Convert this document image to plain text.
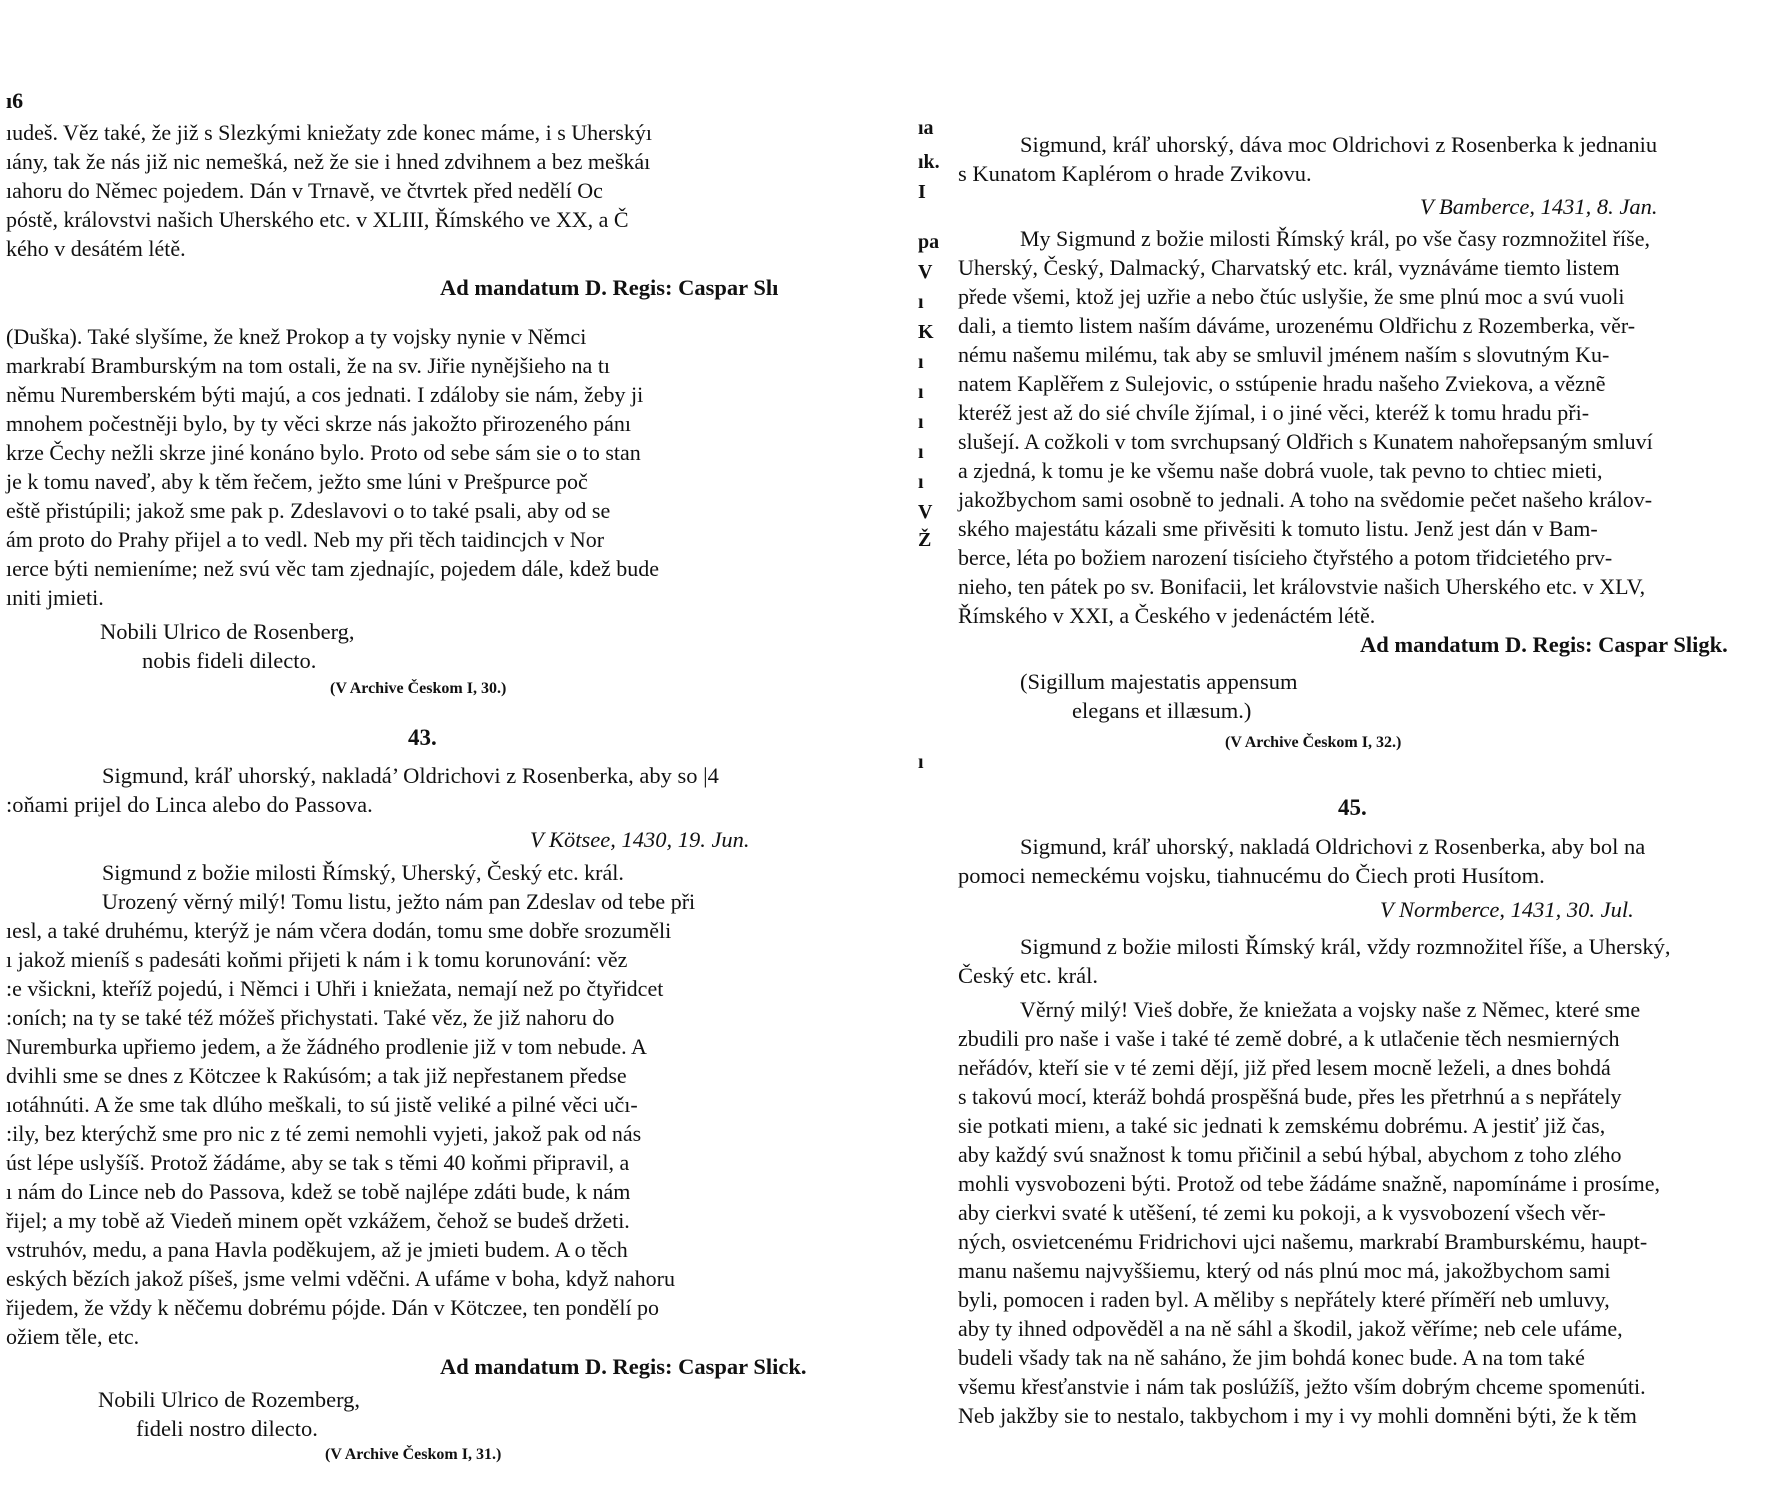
ı6
ıudeš. Věz také, že již s Slezkými kniežaty zde konec máme, i s Uherskýı
ıány, tak že nás již nic nemešká, než že sie i hned zdvihnem a bez meškáı
ıahoru do Němec pojedem. Dán v Trnavě, ve čtvrtek před nedělí Oc
póstě, královstvi našich Uherského etc. v XLIII, Římského ve XX, a Č
kého v desátém létě.
Ad mandatum D. Regis: Caspar Slı
(Duška). Také slyšíme, že knež Prokop a ty vojsky nynie v Němci
markrabí Bramburským na tom ostali, že na sv. Jiřie nynějšieho na tı
němu Nuremberském býti majú, a cos jednati. I zdáloby sie nám, žeby ji
mnohem počestněji bylo, by ty věci skrze nás jakožto přirozeného pánı
krze Čechy nežli skrze jiné konáno bylo. Proto od sebe sám sie o to stan
je k tomu naveď, aby k těm řečem, ježto sme lúni v Prešpurce poč
eště přistúpili; jakož sme pak p. Zdeslavovi o to také psali, aby od se
ám proto do Prahy přijel a to vedl. Neb my při těch taidincjch v Nor
ıerce býti nemieníme; než svú věc tam zjednajíc, pojedem dále, kdež bude
ıniti jmieti.
Nobili Ulrico de Rosenberg,
nobis fideli dilecto.
(V Archive Českom I, 30.)
43.
Sigmund, kráľ uhorský, nakladá’ Oldrichovi z Rosenberka, aby so |4
:oňami prijel do Linca alebo do Passova.
V Kötsee, 1430, 19. Jun.
Sigmund z božie milosti Římský, Uherský, Český etc. král.
Urozený věrný milý! Tomu listu, ježto nám pan Zdeslav od tebe při
ıesl, a také druhému, kterýž je nám včera dodán, tomu sme dobře srozuměli
ı jakož mieníš s padesáti koňmi přijeti k nám i k tomu korunování: věz
:e všickni, kteříž pojedú, i Němci i Uhři i kniežata, nemají než po čtyřidcet
:oních; na ty se také též móžeš přichystati. Také věz, že již nahoru do
Nuremburka upřiemo jedem, a že žádného prodlenie již v tom nebude. A
dvihli sme se dnes z Kötczee k Rakúsóm; a tak již nepřestanem předse
ıotáhnúti. A že sme tak dlúho meškali, to sú jistě veliké a pilné věci učı-
:ily, bez kterýchž sme pro nic z té zemi nemohli vyjeti, jakož pak od nás
úst lépe uslyšíš. Protož žádáme, aby se tak s těmi 40 koňmi připravil, a
ı nám do Lince neb do Passova, kdež se tobě najlépe zdáti bude, k nám
řijel; a my tobě až Viedeň minem opět vzkážem, čehož se budeš držeti.
vstruhóv, medu, a pana Havla poděkujem, až je jmieti budem. A o těch
eských bězích jakož píšeš, jsme velmi vděčni. A ufáme v boha, když nahoru
řijedem, že vždy k něčemu dobrému pójde. Dán v Kötczee, ten pondělí po
ožiem těle, etc.
Ad mandatum D. Regis: Caspar Slick.
Nobili Ulrico de Rozemberg,
fideli nostro dilecto.
(V Archive Českom I, 31.)
ıa
ık.
I
pa
V
ı
K
ı
ı
ı
ı
ı
V
Ž
ı
Sigmund, kráľ uhorský, dáva moc Oldrichovi z Rosenberka k jednaniu
s Kunatom Kaplérom o hrade Zvikovu.
V Bamberce, 1431, 8. Jan.
My Sigmund z božie milosti Římský král, po vše časy rozmnožitel říše,
Uherský, Český, Dalmacký, Charvatský etc. král, vyznáváme tiemto listem
přede všemi, ktož jej uzřie a nebo čtúc uslyšie, že sme plnú moc a svú vuoli
dali, a tiemto listem naším dáváme, urozenému Oldřichu z Rozemberka, věr-
nému našemu milému, tak aby se smluvil jménem naším s slovutným Ku-
natem Kaplěřem z Sulejovic, o sstúpenie hradu našeho Zviekova, a věznẽ
kteréž jest až do sié chvíle žjímal, i o jiné věci, kteréž k tomu hradu při-
slušejí. A cožkoli v tom svrchupsaný Oldřich s Kunatem nahořepsaným smluví
a zjedná, k tomu je ke všemu naše dobrá vuole, tak pevno to chtiec mieti,
jakožbychom sami osobně to jednali. A toho na svědomie pečet našeho králov-
ského majestátu kázali sme přivěsiti k tomuto listu. Jenž jest dán v Bam-
berce, léta po božiem narození tisícieho čtyřstého a potom třidcietého prv-
nieho, ten pátek po sv. Bonifacii, let královstvie našich Uherského etc. v XLV,
Římského v XXI, a Českého v jedenáctém létě.
Ad mandatum D. Regis: Caspar Sligk.
(Sigillum majestatis appensum
elegans et illæsum.)
(V Archive Českom I, 32.)
45.
Sigmund, kráľ uhorský, nakladá Oldrichovi z Rosenberka, aby bol na
pomoci nemeckému vojsku, tiahnucému do Čiech proti Husítom.
V Normberce, 1431, 30. Jul.
Sigmund z božie milosti Římský král, vždy rozmnožitel říše, a Uherský,
Český etc. král.
Věrný milý! Vieš dobře, že kniežata a vojsky naše z Němec, které sme
zbudili pro naše i vaše i také té země dobré, a k utlačenie těch nesmierných
neřádóv, kteří sie v té zemi dějí, již před lesem mocně leželi, a dnes bohdá
s takovú mocí, kteráž bohdá prospěšná bude, přes les přetrhnú a s nepřátely
sie potkati mienı, a také sic jednati k zemskému dobrému. A jestiť již čas,
aby každý svú snažnost k tomu přičinil a sebú hýbal, abychom z toho zlého
mohli vysvobozeni býti. Protož od tebe žádáme snažně, napomínáme i prosíme,
aby cierkvi svaté k utěšení, té zemi ku pokoji, a k vysvobození všech věr-
ných, osvietcenému Fridrichovi ujci našemu, markrabí Bramburskému, haupt-
manu našemu najvyššiemu, který od nás plnú moc má, jakožbychom sami
byli, pomocen i raden byl. A měliby s nepřátely které příměří neb umluvy,
aby ty ihned odpověděl a na ně sáhl a škodil, jakož věříme; neb cele ufáme,
budeli všady tak na ně saháno, že jim bohdá konec bude. A na tom také
všemu křesťanstvie i nám tak poslúžíš, ježto vším dobrým chceme spomenúti.
Neb jakžby sie to nestalo, takbychom i my i vy mohli domněni býti, že k těm
